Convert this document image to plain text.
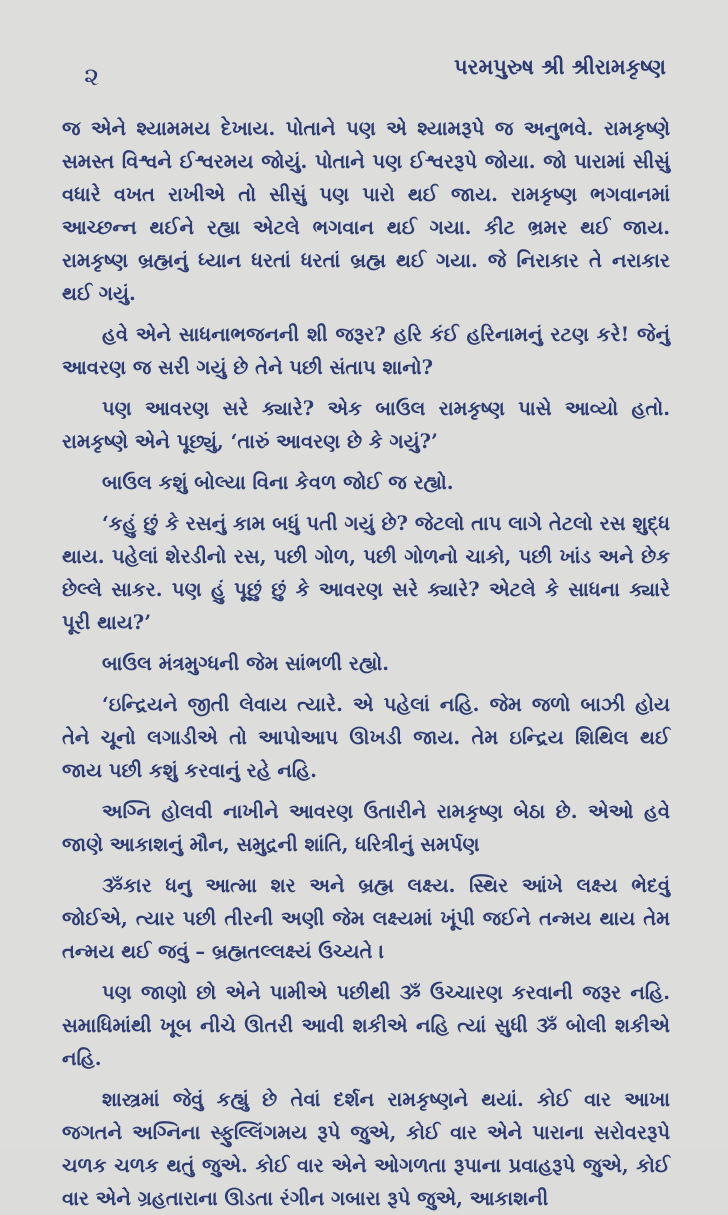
૨	પરમપુરુષ શ્રી શ્રીરામકૃષ્ણ

જ એને શ્યામમય દેખાય. પોતાને પણ એ શ્યામરૂપે જ અનુભવે. રામકૃષ્ણે સમસ્ત વિશ્વને ઈશ્વરમય જોયું. પોતાને પણ ઈશ્વરરૂપે જોયા. જો પારામાં સીસું વધારે વખત રાખીએ તો સીસું પણ પારો થઈ જાય. રામકૃષ્ણ ભગવાનમાં આચ્છન્ન થઈને રહ્યા એટલે ભગવાન થઈ ગયા. કીટ ભ્રમર થઈ જાય. રામકૃષ્ણ બ્રહ્મનું ધ્યાન ધરતાં ધરતાં બ્રહ્મ થઈ ગયા. જે નિરાકાર તે નરાકાર થઈ ગયું.

હવે એને સાધનાભજનની શી જરૂર? હરિ કંઈ હરિનામનું રટણ કરે! જેનું આવરણ જ સરી ગયું છે તેને પછી સંતાપ શાનો?

પણ આવરણ સરે ક્યારે? એક બાઉલ રામકૃષ્ણ પાસે આવ્યો હતો. રામકૃષ્ણે એને પૂછ્યું, ‘તારું આવરણ છે કે ગયું?’

બાઉલ કશું બોલ્યા વિના કેવળ જોઈ જ રહ્યો.

‘કહું છું કે રસનું કામ બધું પતી ગયું છે? જેટલો તાપ લાગે તેટલો રસ શુદ્ધ થાય. પહેલાં શેરડીનો રસ, પછી ગોળ, પછી ગોળનો ચાકો, પછી ખાંડ અને છેક છેલ્લે સાકર. પણ હું પૂછું છું કે આવરણ સરે ક્યારે? એટલે કે સાધના ક્યારે પૂરી થાય?’

બાઉલ મંત્રમુગ્ધની જેમ સાંભળી રહ્યો.

‘ઇન્દ્રિયને જીતી લેવાય ત્યારે. એ પહેલાં નહિ. જેમ જળો બાઝી હોય તેને ચૂનો લગાડીએ તો આપોઆપ ઊખડી જાય. તેમ ઇન્દ્રિય શિથિલ થઈ જાય પછી કશું કરવાનું રહે નહિ.

અગ્નિ હોલવી નાખીને આવરણ ઉતારીને રામકૃષ્ણ બેઠા છે. એઓ હવે જાણે આકાશનું મૌન, સમુદ્રની શાંતિ, ધરિત્રીનું સમર્પણ

ૐકાર ધનુ આત્મા શર અને બ્રહ્મ લક્ષ્ય. સ્થિર આંખે લક્ષ્ય ભેદવું જોઈએ, ત્યાર પછી તીરની અણી જેમ લક્ષ્યમાં ખૂંપી જઈને તન્મય થાય તેમ તન્મય થઈ જવું – બ્રહ્મતલ્લક્ષ્યં ઉચ્યતે ।

પણ જાણો છો એને પામીએ પછીથી ૐ ઉચ્ચારણ કરવાની જરૂર નહિ. સમાધિમાંથી ખૂબ નીચે ઊતરી આવી શકીએ નહિ ત્યાં સુધી ૐ બોલી શકીએ નહિ.

શાસ્ત્રમાં જેવું કહ્યું છે તેવાં દર્શન રામકૃષ્ણને થયાં. કોઈ વાર આખા જગતને અગ્નિના સ્ફુલ્લિંગમય રૂપે જુએ, કોઈ વાર એને પારાના સરોવરરૂપે ચળક ચળક થતું જુએ. કોઈ વાર એને ઓગળતા રૂપાના પ્રવાહરૂપે જુએ, કોઈ વાર એને ગ્રહતારાના ઊડતા રંગીન ગબારા રૂપે જુએ, આકાશની
